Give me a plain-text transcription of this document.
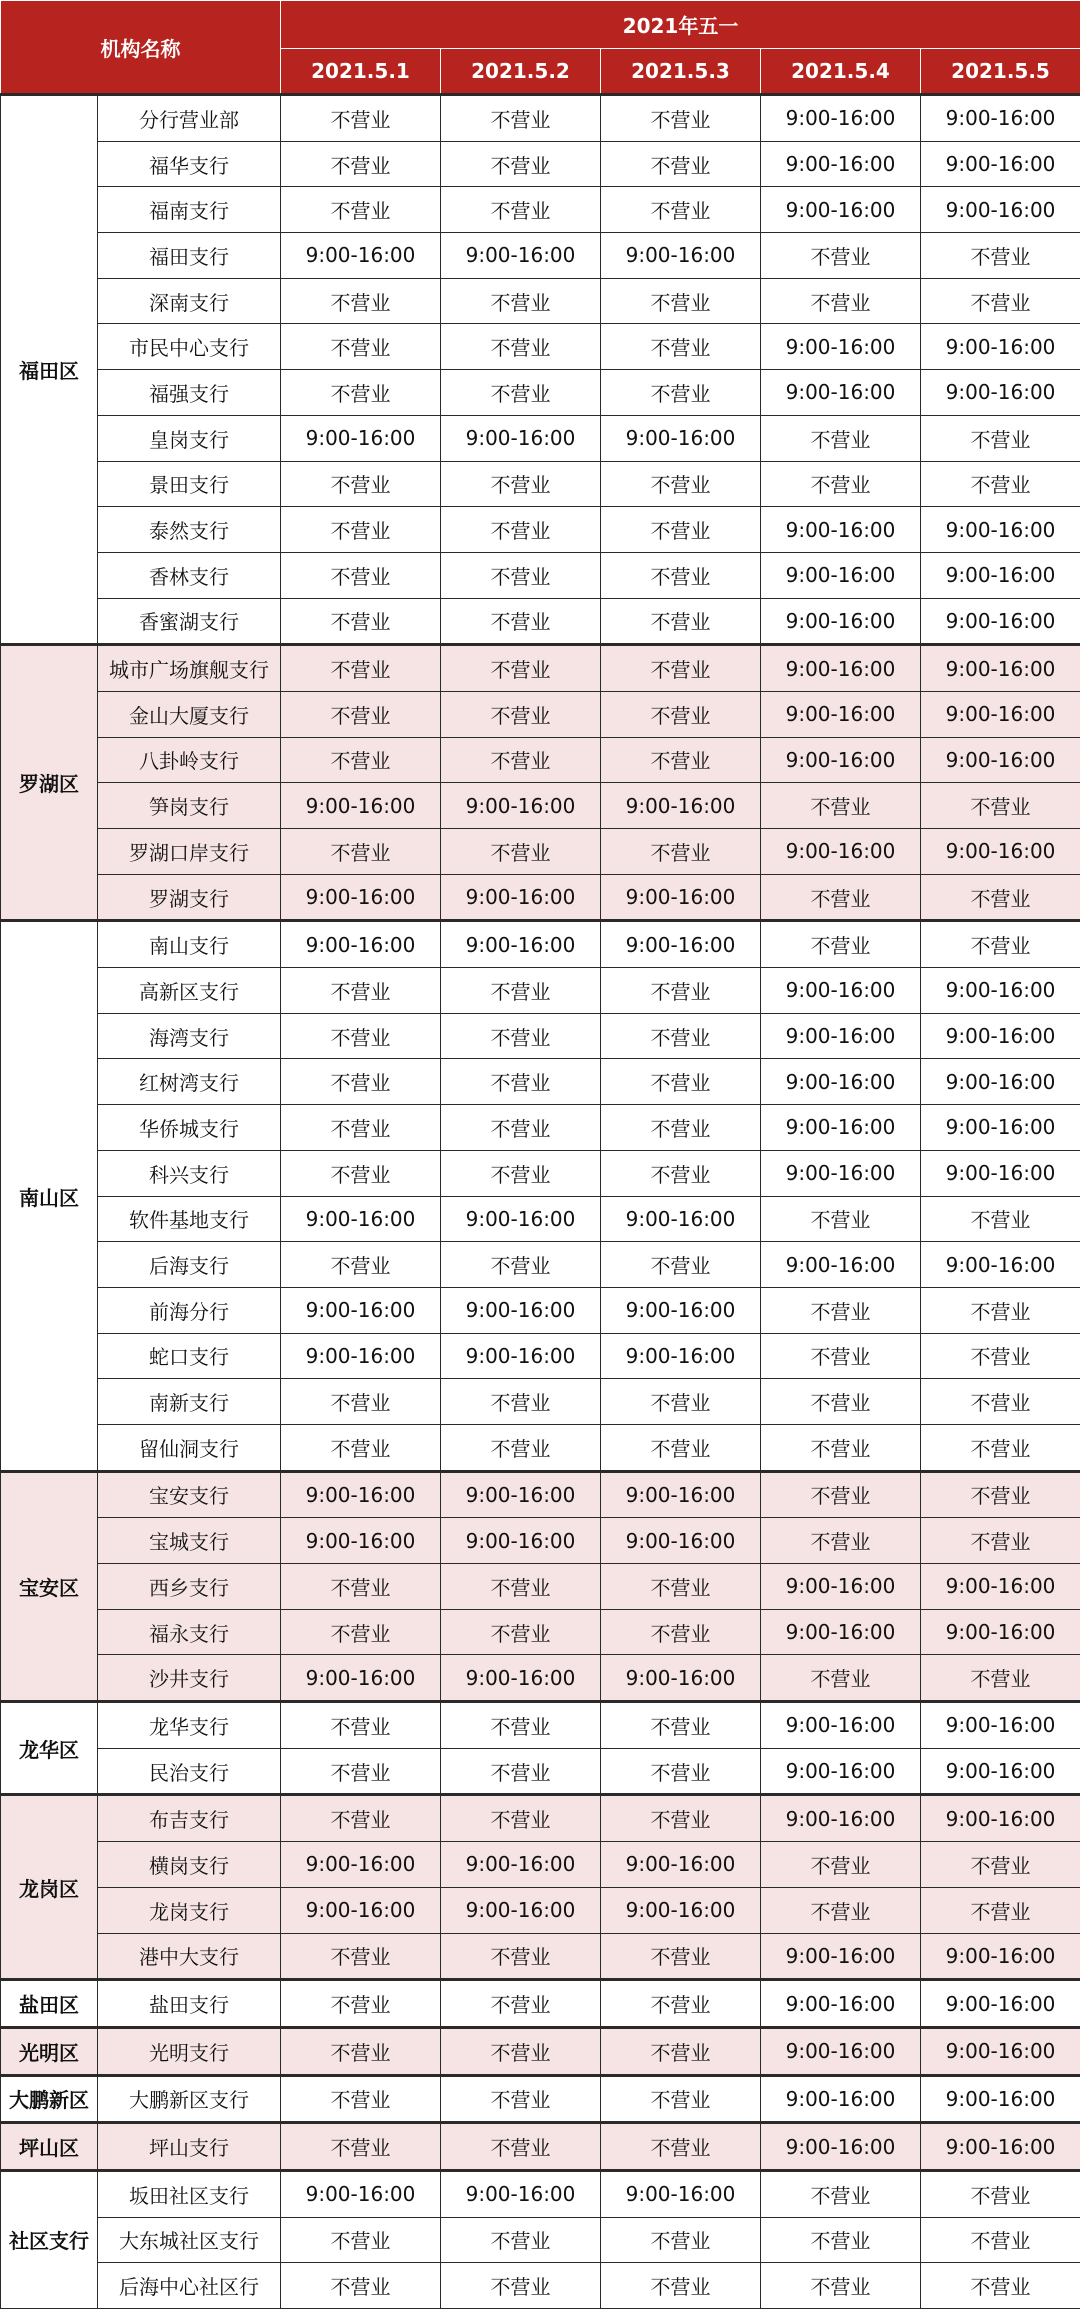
机构名称		2021年五一				
		2021.5.1	2021.5.2	2021.5.3	2021.5.4	2021.5.5
福田区	分行营业部	不营业	不营业	不营业	9:00-16:00	9:00-16:00
	福华支行	不营业	不营业	不营业	9:00-16:00	9:00-16:00
	福南支行	不营业	不营业	不营业	9:00-16:00	9:00-16:00
	福田支行	9:00-16:00	9:00-16:00	9:00-16:00	不营业	不营业
	深南支行	不营业	不营业	不营业	不营业	不营业
	市民中心支行	不营业	不营业	不营业	9:00-16:00	9:00-16:00
	福强支行	不营业	不营业	不营业	9:00-16:00	9:00-16:00
	皇岗支行	9:00-16:00	9:00-16:00	9:00-16:00	不营业	不营业
	景田支行	不营业	不营业	不营业	不营业	不营业
	泰然支行	不营业	不营业	不营业	9:00-16:00	9:00-16:00
	香林支行	不营业	不营业	不营业	9:00-16:00	9:00-16:00
	香蜜湖支行	不营业	不营业	不营业	9:00-16:00	9:00-16:00
罗湖区	城市广场旗舰支行	不营业	不营业	不营业	9:00-16:00	9:00-16:00
	金山大厦支行	不营业	不营业	不营业	9:00-16:00	9:00-16:00
	八卦岭支行	不营业	不营业	不营业	9:00-16:00	9:00-16:00
	笋岗支行	9:00-16:00	9:00-16:00	9:00-16:00	不营业	不营业
	罗湖口岸支行	不营业	不营业	不营业	9:00-16:00	9:00-16:00
	罗湖支行	9:00-16:00	9:00-16:00	9:00-16:00	不营业	不营业
南山区	南山支行	9:00-16:00	9:00-16:00	9:00-16:00	不营业	不营业
	高新区支行	不营业	不营业	不营业	9:00-16:00	9:00-16:00
	海湾支行	不营业	不营业	不营业	9:00-16:00	9:00-16:00
	红树湾支行	不营业	不营业	不营业	9:00-16:00	9:00-16:00
	华侨城支行	不营业	不营业	不营业	9:00-16:00	9:00-16:00
	科兴支行	不营业	不营业	不营业	9:00-16:00	9:00-16:00
	软件基地支行	9:00-16:00	9:00-16:00	9:00-16:00	不营业	不营业
	后海支行	不营业	不营业	不营业	9:00-16:00	9:00-16:00
	前海分行	9:00-16:00	9:00-16:00	9:00-16:00	不营业	不营业
	蛇口支行	9:00-16:00	9:00-16:00	9:00-16:00	不营业	不营业
	南新支行	不营业	不营业	不营业	不营业	不营业
	留仙洞支行	不营业	不营业	不营业	不营业	不营业
宝安区	宝安支行	9:00-16:00	9:00-16:00	9:00-16:00	不营业	不营业
	宝城支行	9:00-16:00	9:00-16:00	9:00-16:00	不营业	不营业
	西乡支行	不营业	不营业	不营业	9:00-16:00	9:00-16:00
	福永支行	不营业	不营业	不营业	9:00-16:00	9:00-16:00
	沙井支行	9:00-16:00	9:00-16:00	9:00-16:00	不营业	不营业
龙华区	龙华支行	不营业	不营业	不营业	9:00-16:00	9:00-16:00
	民治支行	不营业	不营业	不营业	9:00-16:00	9:00-16:00
龙岗区	布吉支行	不营业	不营业	不营业	9:00-16:00	9:00-16:00
	横岗支行	9:00-16:00	9:00-16:00	9:00-16:00	不营业	不营业
	龙岗支行	9:00-16:00	9:00-16:00	9:00-16:00	不营业	不营业
	港中大支行	不营业	不营业	不营业	9:00-16:00	9:00-16:00
盐田区	盐田支行	不营业	不营业	不营业	9:00-16:00	9:00-16:00
光明区	光明支行	不营业	不营业	不营业	9:00-16:00	9:00-16:00
大鹏新区	大鹏新区支行	不营业	不营业	不营业	9:00-16:00	9:00-16:00
坪山区	坪山支行	不营业	不营业	不营业	9:00-16:00	9:00-16:00
社区支行	坂田社区支行	9:00-16:00	9:00-16:00	9:00-16:00	不营业	不营业
	大东城社区支行	不营业	不营业	不营业	不营业	不营业
	后海中心社区行	不营业	不营业	不营业	不营业	不营业
